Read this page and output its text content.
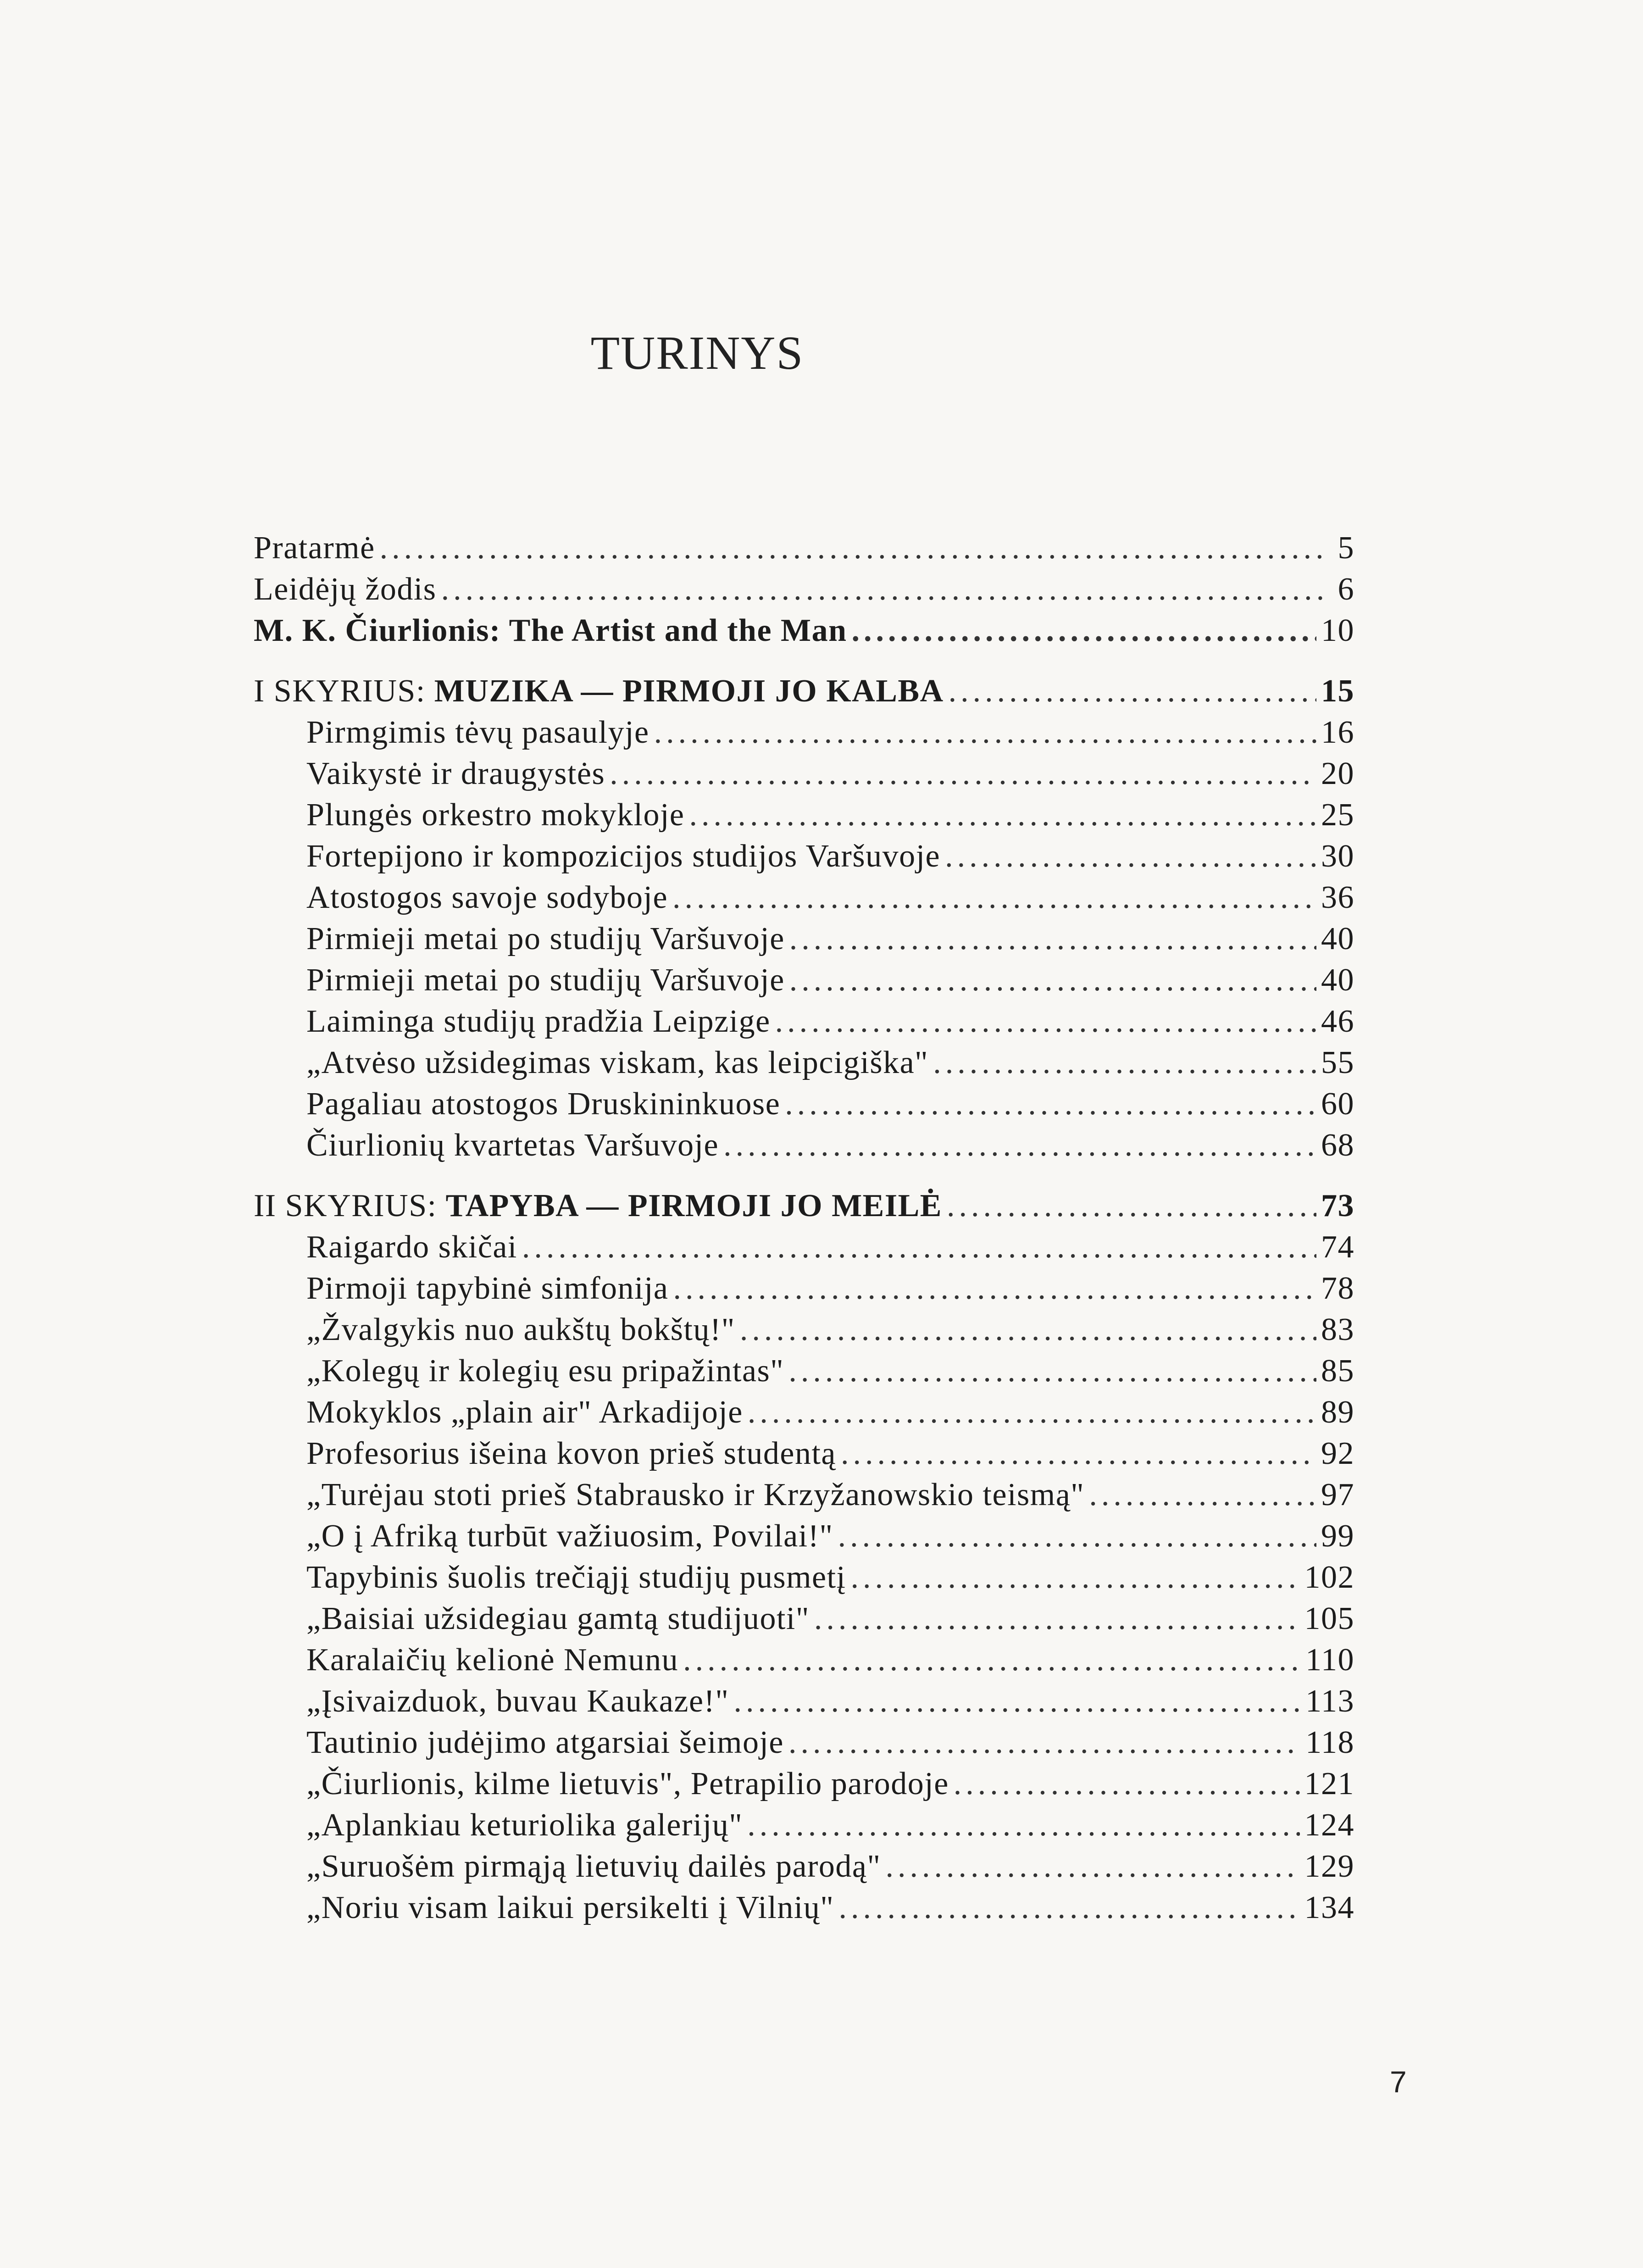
TURINYS
Pratarmė .....	5
Leidėjų žodis .....	6
M. K. Čiurlionis: The Artist and the Man .....	10
I SKYRIUS: MUZIKA — PIRMOJI JO KALBA .....	15
Pirmgimis tėvų pasaulyje .....	16
Vaikystė ir draugystės .....	20
Plungės orkestro mokykloje .....	25
Fortepijono ir kompozicijos studijos Varšuvoje .....	30
Atostogos savoje sodyboje .....	36
Pirmieji metai po studijų Varšuvoje .....	40
Pirmieji metai po studijų Varšuvoje .....	40
Laiminga studijų pradžia Leipzige .....	46
„Atvėso užsidegimas viskam, kas leipcigiška" .....	55
Pagaliau atostogos Druskininkuose .....	60
Čiurlionių kvartetas Varšuvoje .....	68
II SKYRIUS: TAPYBA — PIRMOJI JO MEILĖ .....	73
Raigardo skičai .....	74
Pirmoji tapybinė simfonija .....	78
„Žvalgykis nuo aukštų bokštų!" .....	83
„Kolegų ir kolegių esu pripažintas" .....	85
Mokyklos „plain air" Arkadijoje .....	89
Profesorius išeina kovon prieš studentą .....	92
„Turėjau stoti prieš Stabrausko ir Krzyžanowskio teismą" .....	97
„O į Afriką turbūt važiuosim, Povilai!" .....	99
Tapybinis šuolis trečiąjį studijų pusmetį .....	102
„Baisiai užsidegiau gamtą studijuoti" .....	105
Karalaičių kelionė Nemunu .....	110
„Įsivaizduok, buvau Kaukaze!" .....	113
Tautinio judėjimo atgarsiai šeimoje .....	118
„Čiurlionis, kilme lietuvis", Petrapilio parodoje .....	121
„Aplankiau keturiolika galerijų" .....	124
„Suruošėm pirmąją lietuvių dailės parodą" .....	129
„Noriu visam laikui persikelti į Vilnių" .....	134
7
